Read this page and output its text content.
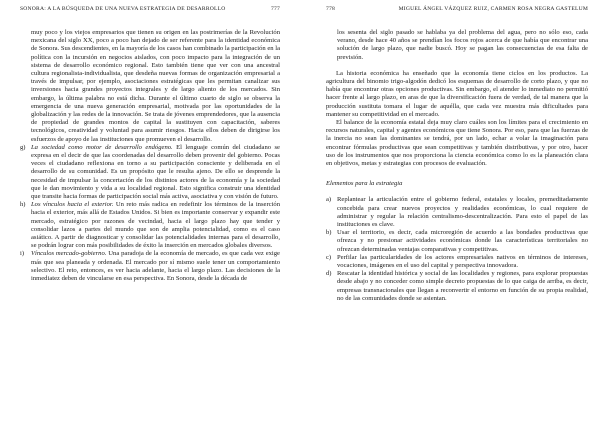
SONORA: A LA BÚSQUEDA DE UNA NUEVA ESTRATEGIA DE DESARROLLO	777

muy poco y los viejos empresarios que tienen su origen en las postrimerías de la Revolución mexicana del siglo XX, poco a poco han dejado de ser referente para la identidad económica de Sonora. Sus descendientes, en la mayoría de los casos han combinado la participación en la política con la incursión en negocios aislados, con poco impacto para la integración de un sistema de desarrollo económico regional. Esto también tiene que ver con una ancestral cultura regionalista-individualista, que desdeña nuevas formas de organización empresarial a través de impulsar, por ejemplo, asociaciones estratégicas que les permitan canalizar sus inversiones hacia grandes proyectos integrales y de largo aliento de los mercados. Sin embargo, la última palabra no está dicha. Durante el último cuarto de siglo se observa la emergencia de una nueva generación empresarial, motivada por las oportunidades de la globalización y las redes de la innovación. Se trata de jóvenes emprendedores, que la ausencia de propiedad de grandes montos de capital la sustituyen con capacitación, saberes tecnológicos, creatividad y voluntad para asumir riesgos. Hacia ellos deben de dirigirse los esfuerzos de apoyo de las instituciones que promueven el desarrollo.

g) La sociedad como motor de desarrollo endógeno. El lenguaje común del ciudadano se expresa en el decir de que las coordenadas del desarrollo deben provenir del gobierno. Pocas veces el ciudadano reflexiona en torno a su participación consciente y deliberada en el desarrollo de su comunidad. Es un propósito que le resulta ajeno. De ello se desprende la necesidad de impulsar la concertación de los distintos actores de la economía y la sociedad que le dan movimiento y vida a su localidad regional. Esto significa construir una identidad que transite hacia formas de participación social más activa, asociativa y con visión de futuro.
h) Los vínculos hacia el exterior. Un reto más radica en redefinir los términos de la inserción hacia el exterior, más allá de Estados Unidos. Si bien es importante conservar y expandir este mercado, estratégico por razones de vecindad, hacia el largo plazo hay que tender y consolidar lazos a partes del mundo que son de amplia potencialidad, como es el caso asiático. A partir de diagnosticar y consolidar las potencialidades internas para el desarrollo, se podrán lograr con más posibilidades de éxito la inserción en mercados globales diversos.
i)	Vínculos mercado-gobierno. Una paradoja de la economía de mercado, es que cada vez exige más que sea planeada y ordenada. El mercado por sí mismo suele tener un comportamiento selectivo. El reto, entonces, es ver hacia adelante, hacia el largo plazo. Las decisiones de la inmediatez deben de vincularse en esa perspectiva. En Sonora, desde la década de
778	MIGUEL ÁNGEL VÁZQUEZ RUIZ, CARMEN ROSA NEGRA GASTELUM

los sesenta del siglo pasado se hablaba ya del problema del agua, pero no sólo eso, cada verano, desde hace 40 años se prendían los focos rojos acerca de que había que encontrar una solución de largo plazo, que nadie buscó. Hoy se pagan las consecuencias de esa falta de previsión.

La historia económica ha enseñado que la economía tiene ciclos en los productos. La agricultura del binomio trigo-algodón dedicó los esquemas de desarrollo de corto plazo, y que no había que encontrar otras opciones productivas. Sin embargo, el atender lo inmediato no permitió hacer frente al largo plazo, en aras de que la diversificación fuera de verdad, de tal manera que la producción sustituta tomara el lugar de aquélla, que cada vez muestra más dificultades para mantener su competitividad en el mercado.

El balance de la economía estatal deja muy claro cuáles son los límites para el crecimiento en recursos naturales, capital y agentes económicos que tiene Sonora. Por eso, para que las fuerzas de la inercia no sean las dominantes se tendrá, por un lado, echar a volar la imaginación para encontrar fórmulas productivas que sean competitivas y también distributivas, y por otro, hacer uso de los instrumentos que nos proporciona la ciencia económica como lo es la planeación clara en objetivos, metas y estrategias con procesos de evaluación.

Elementos para la estrategia

a) Replantear la articulación entre el gobierno federal, estatales y locales, premeditadamente concebida para crear nuevos proyectos y realidades económicas, lo cual requiere de administrar y regular la relación centralismo-descentralización. Para esto el papel de las instituciones es clave.
b) Usar el territorio, es decir, cada microregión de acuerdo a las bondades productivas que ofrezca y no presionar actividades económicas donde las características territoriales no ofrezcan determinadas ventajas comparativas y competitivas.
c) Perfilar las particularidades de los actores empresariales nativos en términos de intereses, vocaciones, imágenes en el uso del capital y perspectiva innovadora.
d) Rescatar la identidad histórica y social de las localidades y regiones, para explorar propuestas desde abajo y no conceder como simple decreto propuestas de lo que caiga de arriba, es decir, empresas transnacionales que llegan a reconvertir el entorno en función de su propia realidad, no de las comunidades donde se asientan.
